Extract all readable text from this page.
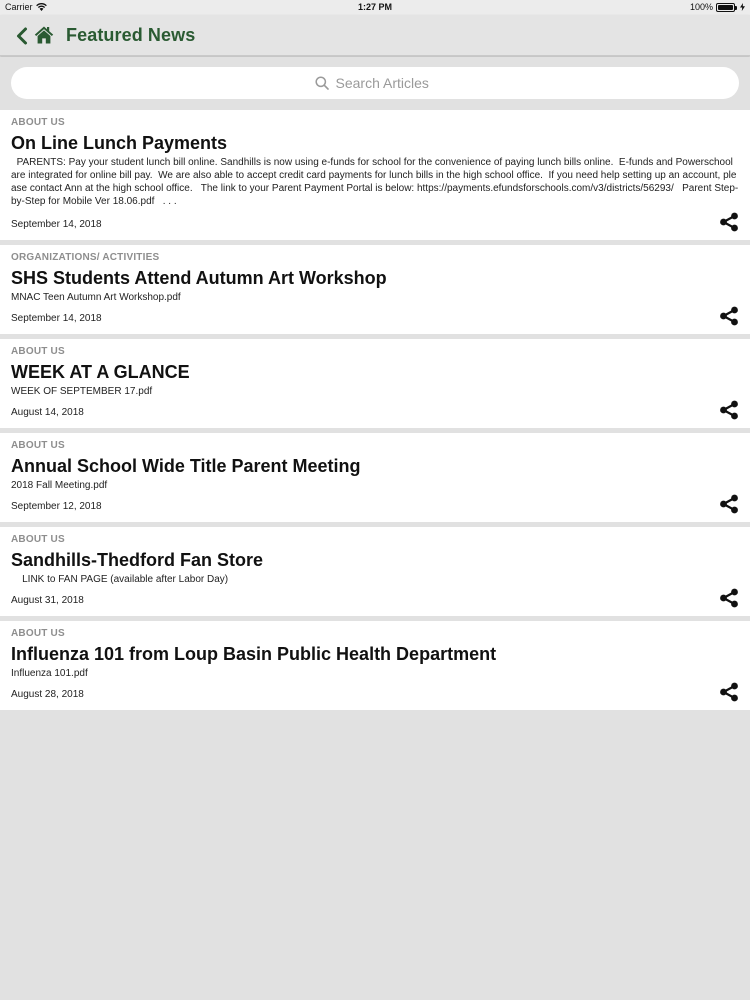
Carrier	1:27 PM	100%
Featured News
Search Articles
ABOUT US
On Line Lunch Payments
PARENTS: Pay your student lunch bill online. Sandhills is now using e-funds for school for the convenience of paying lunch bills online.  E-funds and Powerschool are integrated for online bill pay.  We are also able to accept credit card payments for lunch bills in the high school office.  If you need help setting up an account, please contact Ann at the high school office.   The link to your Parent Payment Portal is below: https://payments.efundsforschools.com/v3/districts/56293/   Parent Step-by-Step for Mobile Ver 18.06.pdf   . . .
September 14, 2018
ORGANIZATIONS/ ACTIVITIES
SHS Students Attend Autumn Art Workshop
MNAC Teen Autumn Art Workshop.pdf
September 14, 2018
ABOUT US
WEEK AT A GLANCE
WEEK OF SEPTEMBER 17.pdf
August 14, 2018
ABOUT US
Annual School Wide Title Parent Meeting
2018 Fall Meeting.pdf
September 12, 2018
ABOUT US
Sandhills-Thedford Fan Store
LINK to FAN PAGE (available after Labor Day)
August 31, 2018
ABOUT US
Influenza 101 from Loup Basin Public Health Department
Influenza 101.pdf
August 28, 2018
